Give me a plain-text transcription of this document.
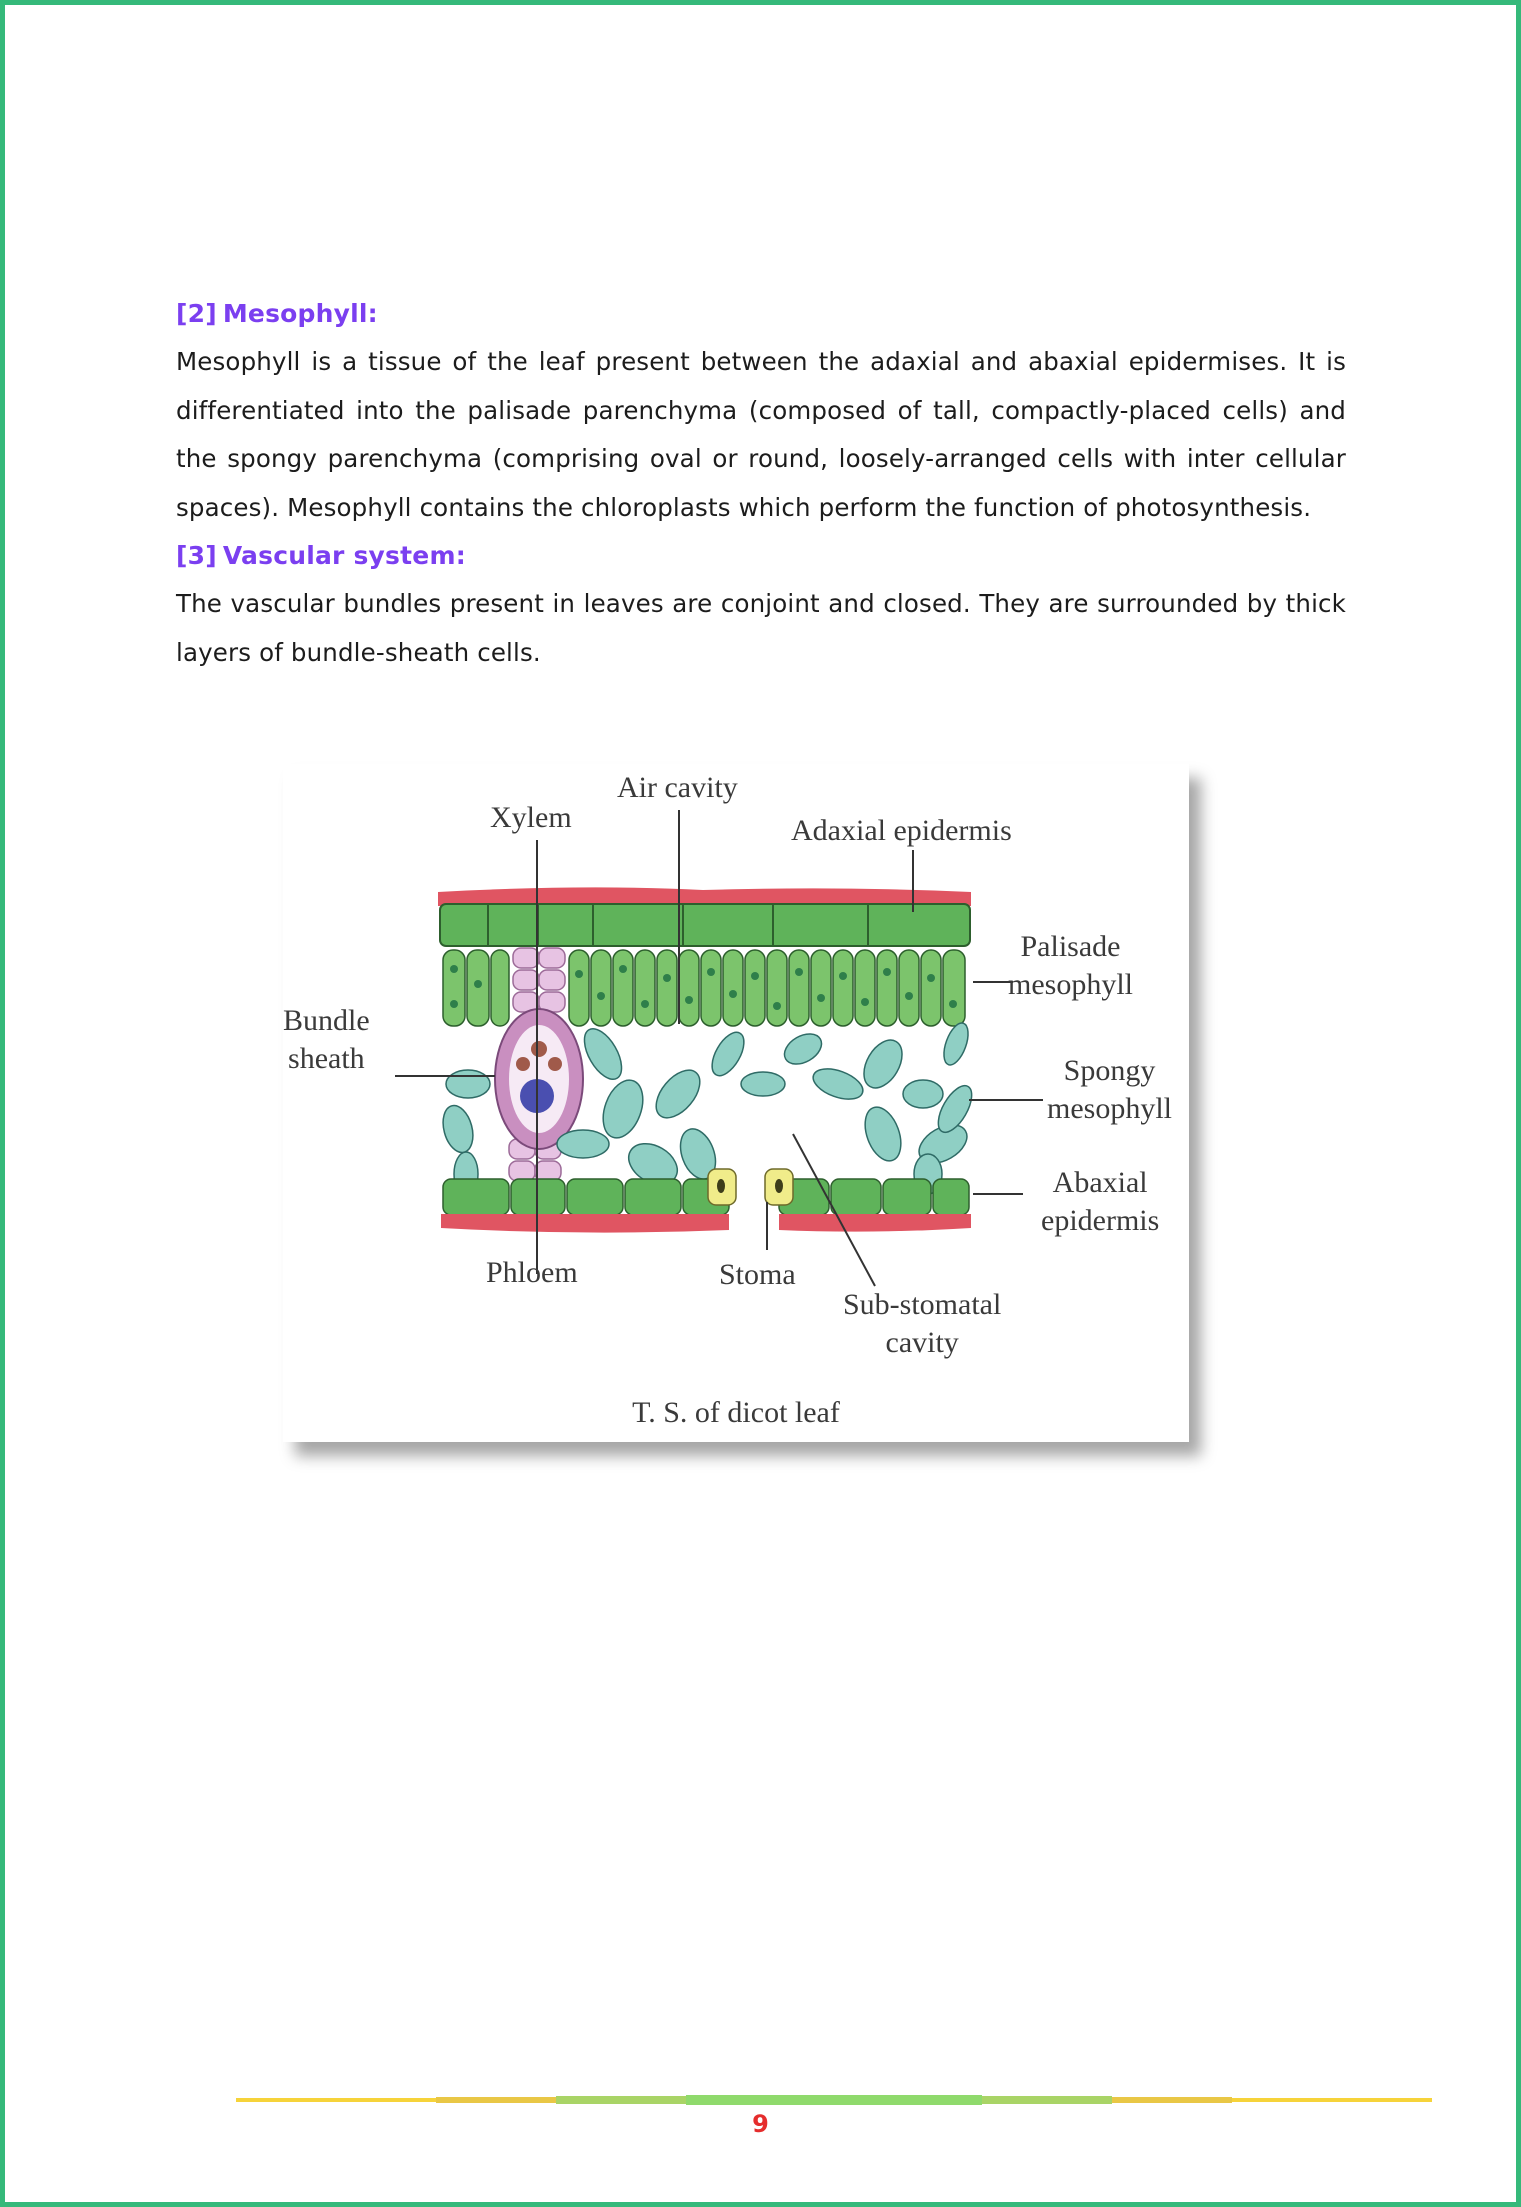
[2] Mesophyll:

Mesophyll is a tissue of the leaf present between the adaxial and abaxial epidermises. It is differentiated into the palisade parenchyma (composed of tall, compactly-placed cells) and the spongy parenchyma (comprising oval or round, loosely-arranged cells with inter cellular spaces). Mesophyll contains the chloroplasts which perform the function of photosynthesis.

[3] Vascular system:

The vascular bundles present in leaves are conjoint and closed. They are surrounded by thick layers of bundle-sheath cells.

Air cavity
Xylem	Adaxial epidermis
Palisade
mesophyll
Bundle
sheath	Spongy
mesophyll
Abaxial
epidermis
Phloem	Stoma
Sub-stomatal
cavity
T. S. of dicot leaf
9
